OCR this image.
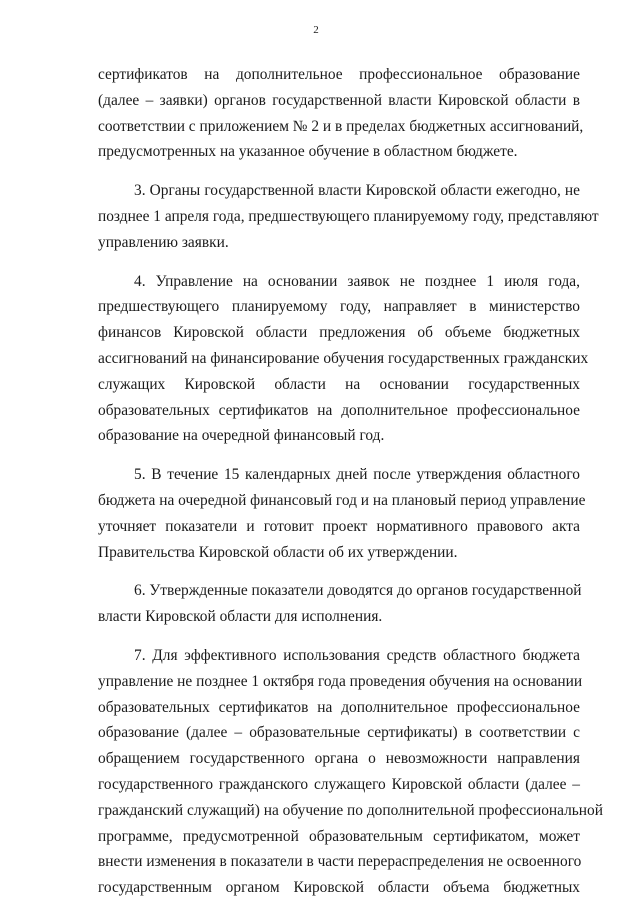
2
сертификатов на дополнительное профессиональное образование
(далее – заявки) органов государственной власти Кировской области в
соответствии с приложением № 2 и в пределах бюджетных ассигнований,
предусмотренных на указанное обучение в областном бюджете.
3. Органы государственной власти Кировской области ежегодно, не
позднее 1 апреля года, предшествующего планируемому году, представляют
управлению заявки.
4. Управление на основании заявок не позднее 1 июля года,
предшествующего планируемому году, направляет в министерство
финансов Кировской области предложения об объеме бюджетных
ассигнований на финансирование обучения государственных гражданских
служащих Кировской области на основании государственных
образовательных сертификатов на дополнительное профессиональное
образование на очередной финансовый год.
5. В течение 15 календарных дней после утверждения областного
бюджета на очередной финансовый год и на плановый период управление
уточняет показатели и готовит проект нормативного правового акта
Правительства Кировской области об их утверждении.
6. Утвержденные показатели доводятся до органов государственной
власти Кировской области для исполнения.
7. Для эффективного использования средств областного бюджета
управление не позднее 1 октября года проведения обучения на основании
образовательных сертификатов на дополнительное профессиональное
образование (далее – образовательные сертификаты) в соответствии с
обращением государственного органа о невозможности направления
государственного гражданского служащего Кировской области (далее –
гражданский служащий) на обучение по дополнительной профессиональной
программе, предусмотренной образовательным сертификатом, может
внести изменения в показатели в части перераспределения не освоенного
государственным органом Кировской области объема бюджетных
